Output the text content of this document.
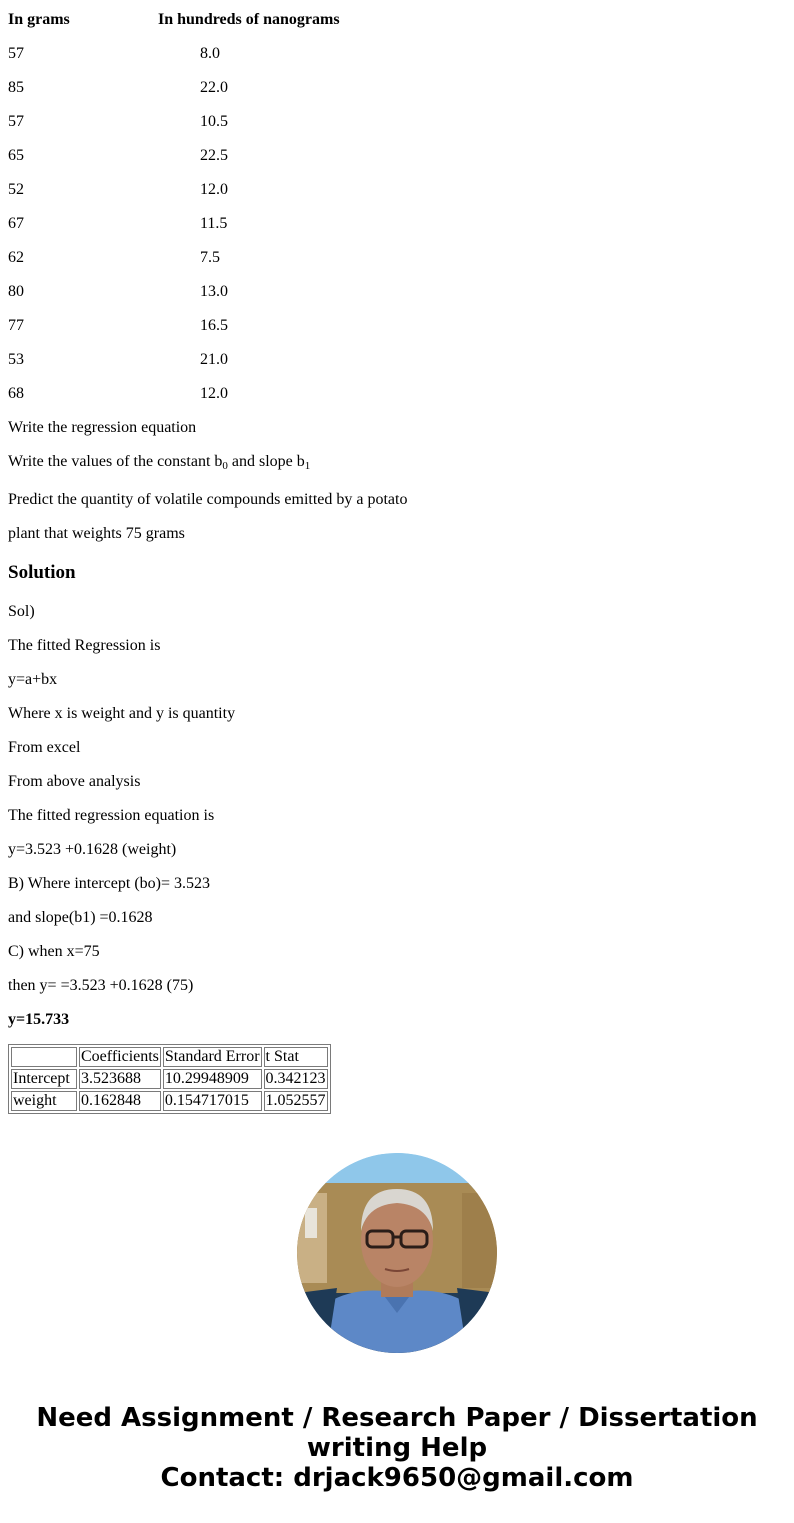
In grams	In hundreds of nanograms
57	8.0
85	22.0
57	10.5
65	22.5
52	12.0
67	11.5
62	7.5
80	13.0
77	16.5
53	21.0
68	12.0
Write the regression equation
Write the values of the constant $b_0$ and slope $b_1$
Predict the quantity of volatile compounds emitted by a potato
plant that weights 75 grams
Solution
Sol)
The fitted Regression is
y=a+bx
Where x is weight and y is quantity
From excel
From above analysis
The fitted regression equation is
y=3.523 +0.1628 (weight)
B) Where intercept (bo)= 3.523
and slope(b1) =0.1628
C) when x=75
then y= =3.523 +0.1628 (75)
y=15.733
	Coefficients	Standard Error	t Stat
Intercept	3.523688	10.29948909	0.342123
weight	0.162848	0.154717015	1.052557
Need Assignment / Research Paper / Dissertation
writing Help
Contact: drjack9650@gmail.com
